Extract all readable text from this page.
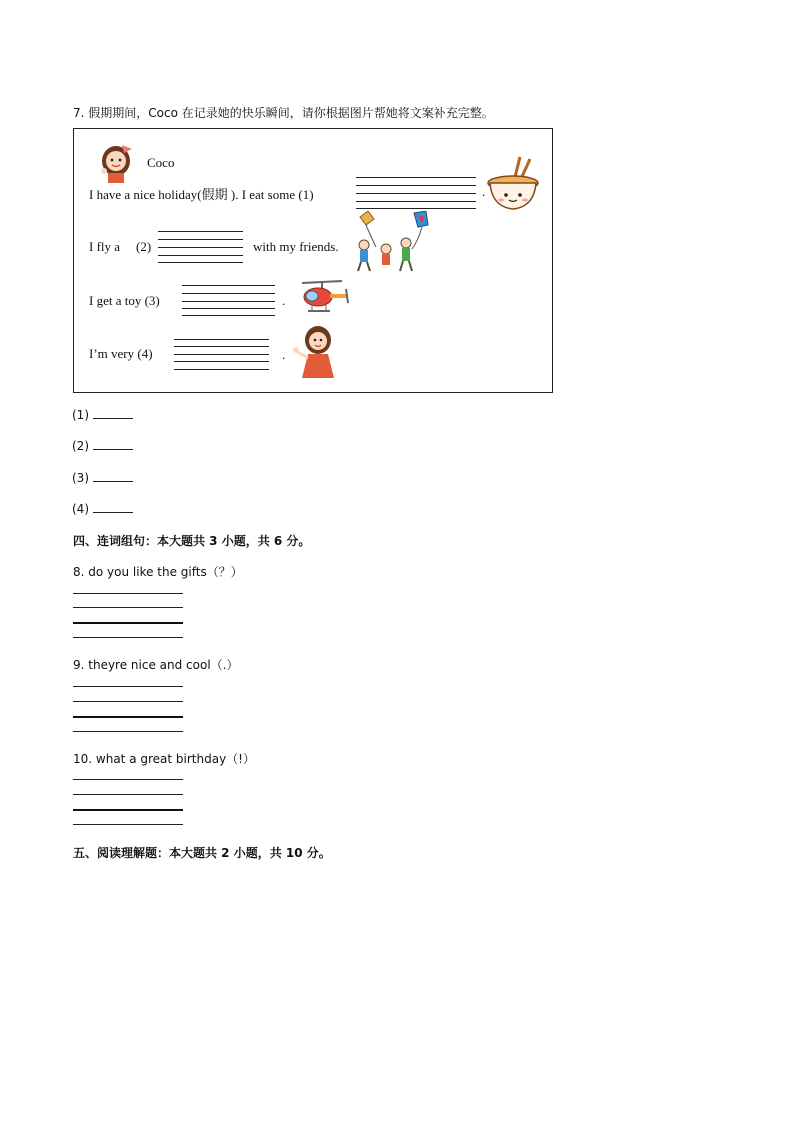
7. 假期期间，Coco 在记录她的快乐瞬间，请你根据图片帮她将文案补充完整。
Coco
I have a nice holiday(假期 ). I eat some (1)	.
I fly a (2)	with my friends.
I get a toy (3)	.
I’m very (4)	.
(1)
(2)
(3)
(4)
四、连词组句：本大题共 3 小题，共 6 分。
8. do you like the gifts（？）
9. theyre nice and cool（.）
10. what a great birthday（!）
五、阅读理解题：本大题共 2 小题，共 10 分。
